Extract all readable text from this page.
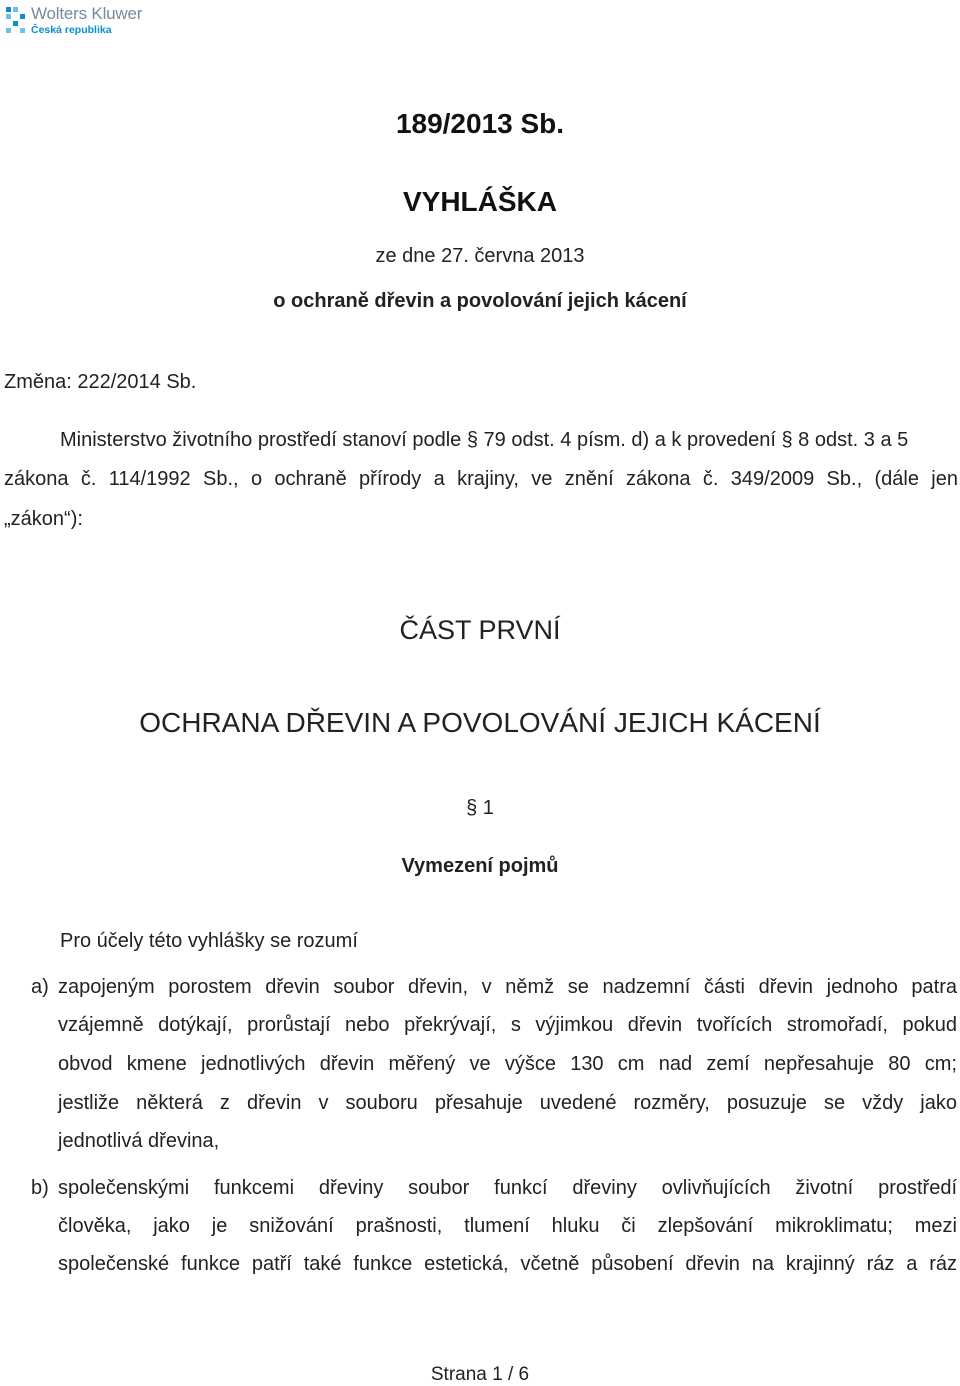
Wolters Kluwer
Česká republika
189/2013 Sb.
VYHLÁŠKA
ze dne 27. června 2013
o ochraně dřevin a povolování jejich kácení
Změna: 222/2014 Sb.
Ministerstvo životního prostředí stanoví podle § 79 odst. 4 písm. d) a k provedení § 8 odst. 3 a 5
zákona č. 114/1992 Sb., o ochraně přírody a krajiny, ve znění zákona č. 349/2009 Sb., (dále jen
„zákon“):
ČÁST PRVNÍ
OCHRANA DŘEVIN A POVOLOVÁNÍ JEJICH KÁCENÍ
§ 1
Vymezení pojmů
Pro účely této vyhlášky se rozumí
a) zapojeným porostem dřevin soubor dřevin, v němž se nadzemní části dřevin jednoho patra
vzájemně dotýkají, prorůstají nebo překrývají, s výjimkou dřevin tvořících stromořadí, pokud
obvod kmene jednotlivých dřevin měřený ve výšce 130 cm nad zemí nepřesahuje 80 cm;
jestliže některá z dřevin v souboru přesahuje uvedené rozměry, posuzuje se vždy jako
jednotlivá dřevina,
b) společenskými funkcemi dřeviny soubor funkcí dřeviny ovlivňujících životní prostředí
člověka, jako je snižování prašnosti, tlumení hluku či zlepšování mikroklimatu; mezi
společenské funkce patří také funkce estetická, včetně působení dřevin na krajinný ráz a ráz
Strana 1 / 6
